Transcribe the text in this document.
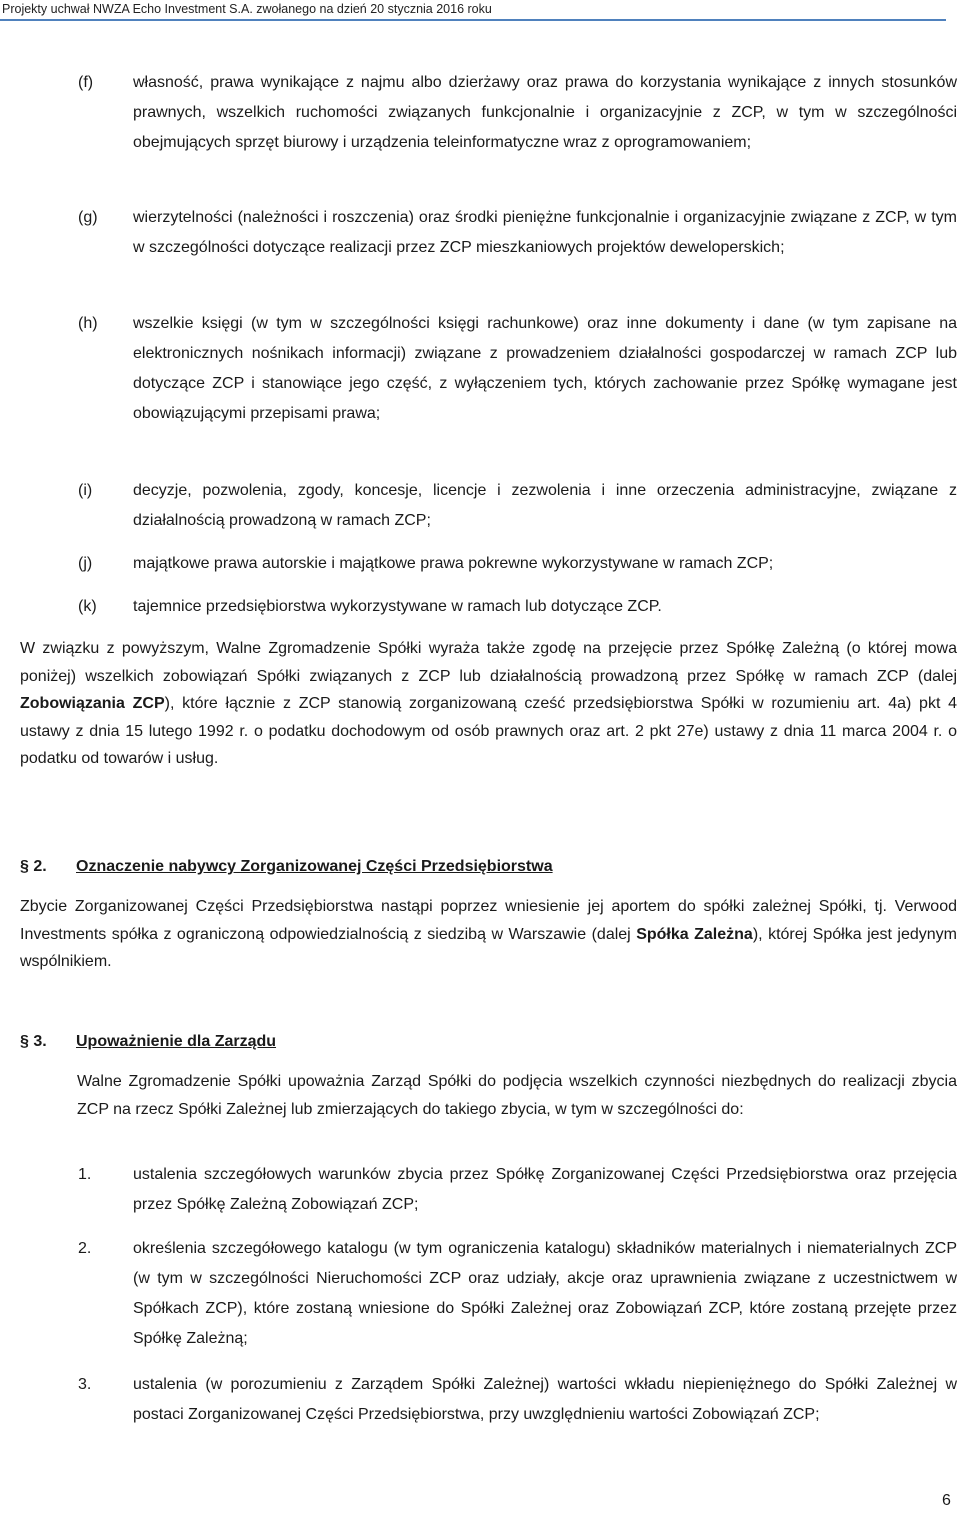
Projekty uchwał NWZA Echo Investment S.A. zwołanego na dzień 20 stycznia 2016 roku
(f)	własność, prawa wynikające z najmu albo dzierżawy oraz prawa do korzystania wynikające z innych stosunków prawnych, wszelkich ruchomości związanych funkcjonalnie i organizacyjnie z ZCP, w tym w szczególności obejmujących sprzęt biurowy i urządzenia teleinformatyczne wraz z oprogramowaniem;
(g)	wierzytelności (należności i roszczenia) oraz środki pieniężne funkcjonalnie i organizacyjnie związane z ZCP, w tym w szczególności dotyczące realizacji przez ZCP mieszkaniowych projektów deweloperskich;
(h)	wszelkie księgi (w tym w szczególności księgi rachunkowe) oraz inne dokumenty i dane (w tym zapisane na elektronicznych nośnikach informacji) związane z prowadzeniem działalności gospodarczej w ramach ZCP lub dotyczące ZCP i stanowiące jego część, z wyłączeniem tych, których zachowanie przez Spółkę wymagane jest obowiązującymi przepisami prawa;
(i)	decyzje, pozwolenia, zgody, koncesje, licencje i zezwolenia i inne orzeczenia administracyjne, związane z działalnością prowadzoną w ramach ZCP;
(j)	majątkowe prawa autorskie i majątkowe prawa pokrewne wykorzystywane w ramach ZCP;
(k)	tajemnice przedsiębiorstwa wykorzystywane w ramach lub dotyczące ZCP.
W związku z powyższym, Walne Zgromadzenie Spółki wyraża także zgodę na przejęcie przez Spółkę Zależną (o której mowa poniżej) wszelkich zobowiązań Spółki związanych z ZCP lub działalnością prowadzoną przez Spółkę w ramach ZCP (dalej Zobowiązania ZCP), które łącznie z ZCP stanowią zorganizowaną cześć przedsiębiorstwa Spółki w rozumieniu art. 4a) pkt 4 ustawy z dnia 15 lutego 1992 r. o podatku dochodowym od osób prawnych oraz art. 2 pkt 27e) ustawy z dnia 11 marca 2004 r. o podatku od towarów i usług.
§ 2.	Oznaczenie nabywcy Zorganizowanej Części Przedsiębiorstwa
Zbycie Zorganizowanej Części Przedsiębiorstwa nastąpi poprzez wniesienie jej aportem do spółki zależnej Spółki, tj. Verwood Investments spółka z ograniczoną odpowiedzialnością z siedzibą w Warszawie (dalej Spółka Zależna), której Spółka jest jedynym wspólnikiem.
§ 3.	Upoważnienie dla Zarządu
Walne Zgromadzenie Spółki upoważnia Zarząd Spółki do podjęcia wszelkich czynności niezbędnych do realizacji zbycia ZCP na rzecz Spółki Zależnej lub zmierzających do takiego zbycia, w tym w szczególności do:
1.	ustalenia szczegółowych warunków zbycia przez Spółkę Zorganizowanej Części Przedsiębiorstwa oraz przejęcia przez Spółkę Zależną Zobowiązań ZCP;
2.	określenia szczegółowego katalogu (w tym ograniczenia katalogu) składników materialnych i niematerialnych ZCP (w tym w szczególności Nieruchomości ZCP oraz udziały, akcje oraz uprawnienia związane z uczestnictwem w Spółkach ZCP), które zostaną wniesione do Spółki Zależnej oraz Zobowiązań ZCP, które zostaną przejęte przez Spółkę Zależną;
3.	ustalenia (w porozumieniu z Zarządem Spółki Zależnej) wartości wkładu niepieniężnego do Spółki Zależnej w postaci Zorganizowanej Części Przedsiębiorstwa, przy uwzględnieniu wartości Zobowiązań ZCP;
6
